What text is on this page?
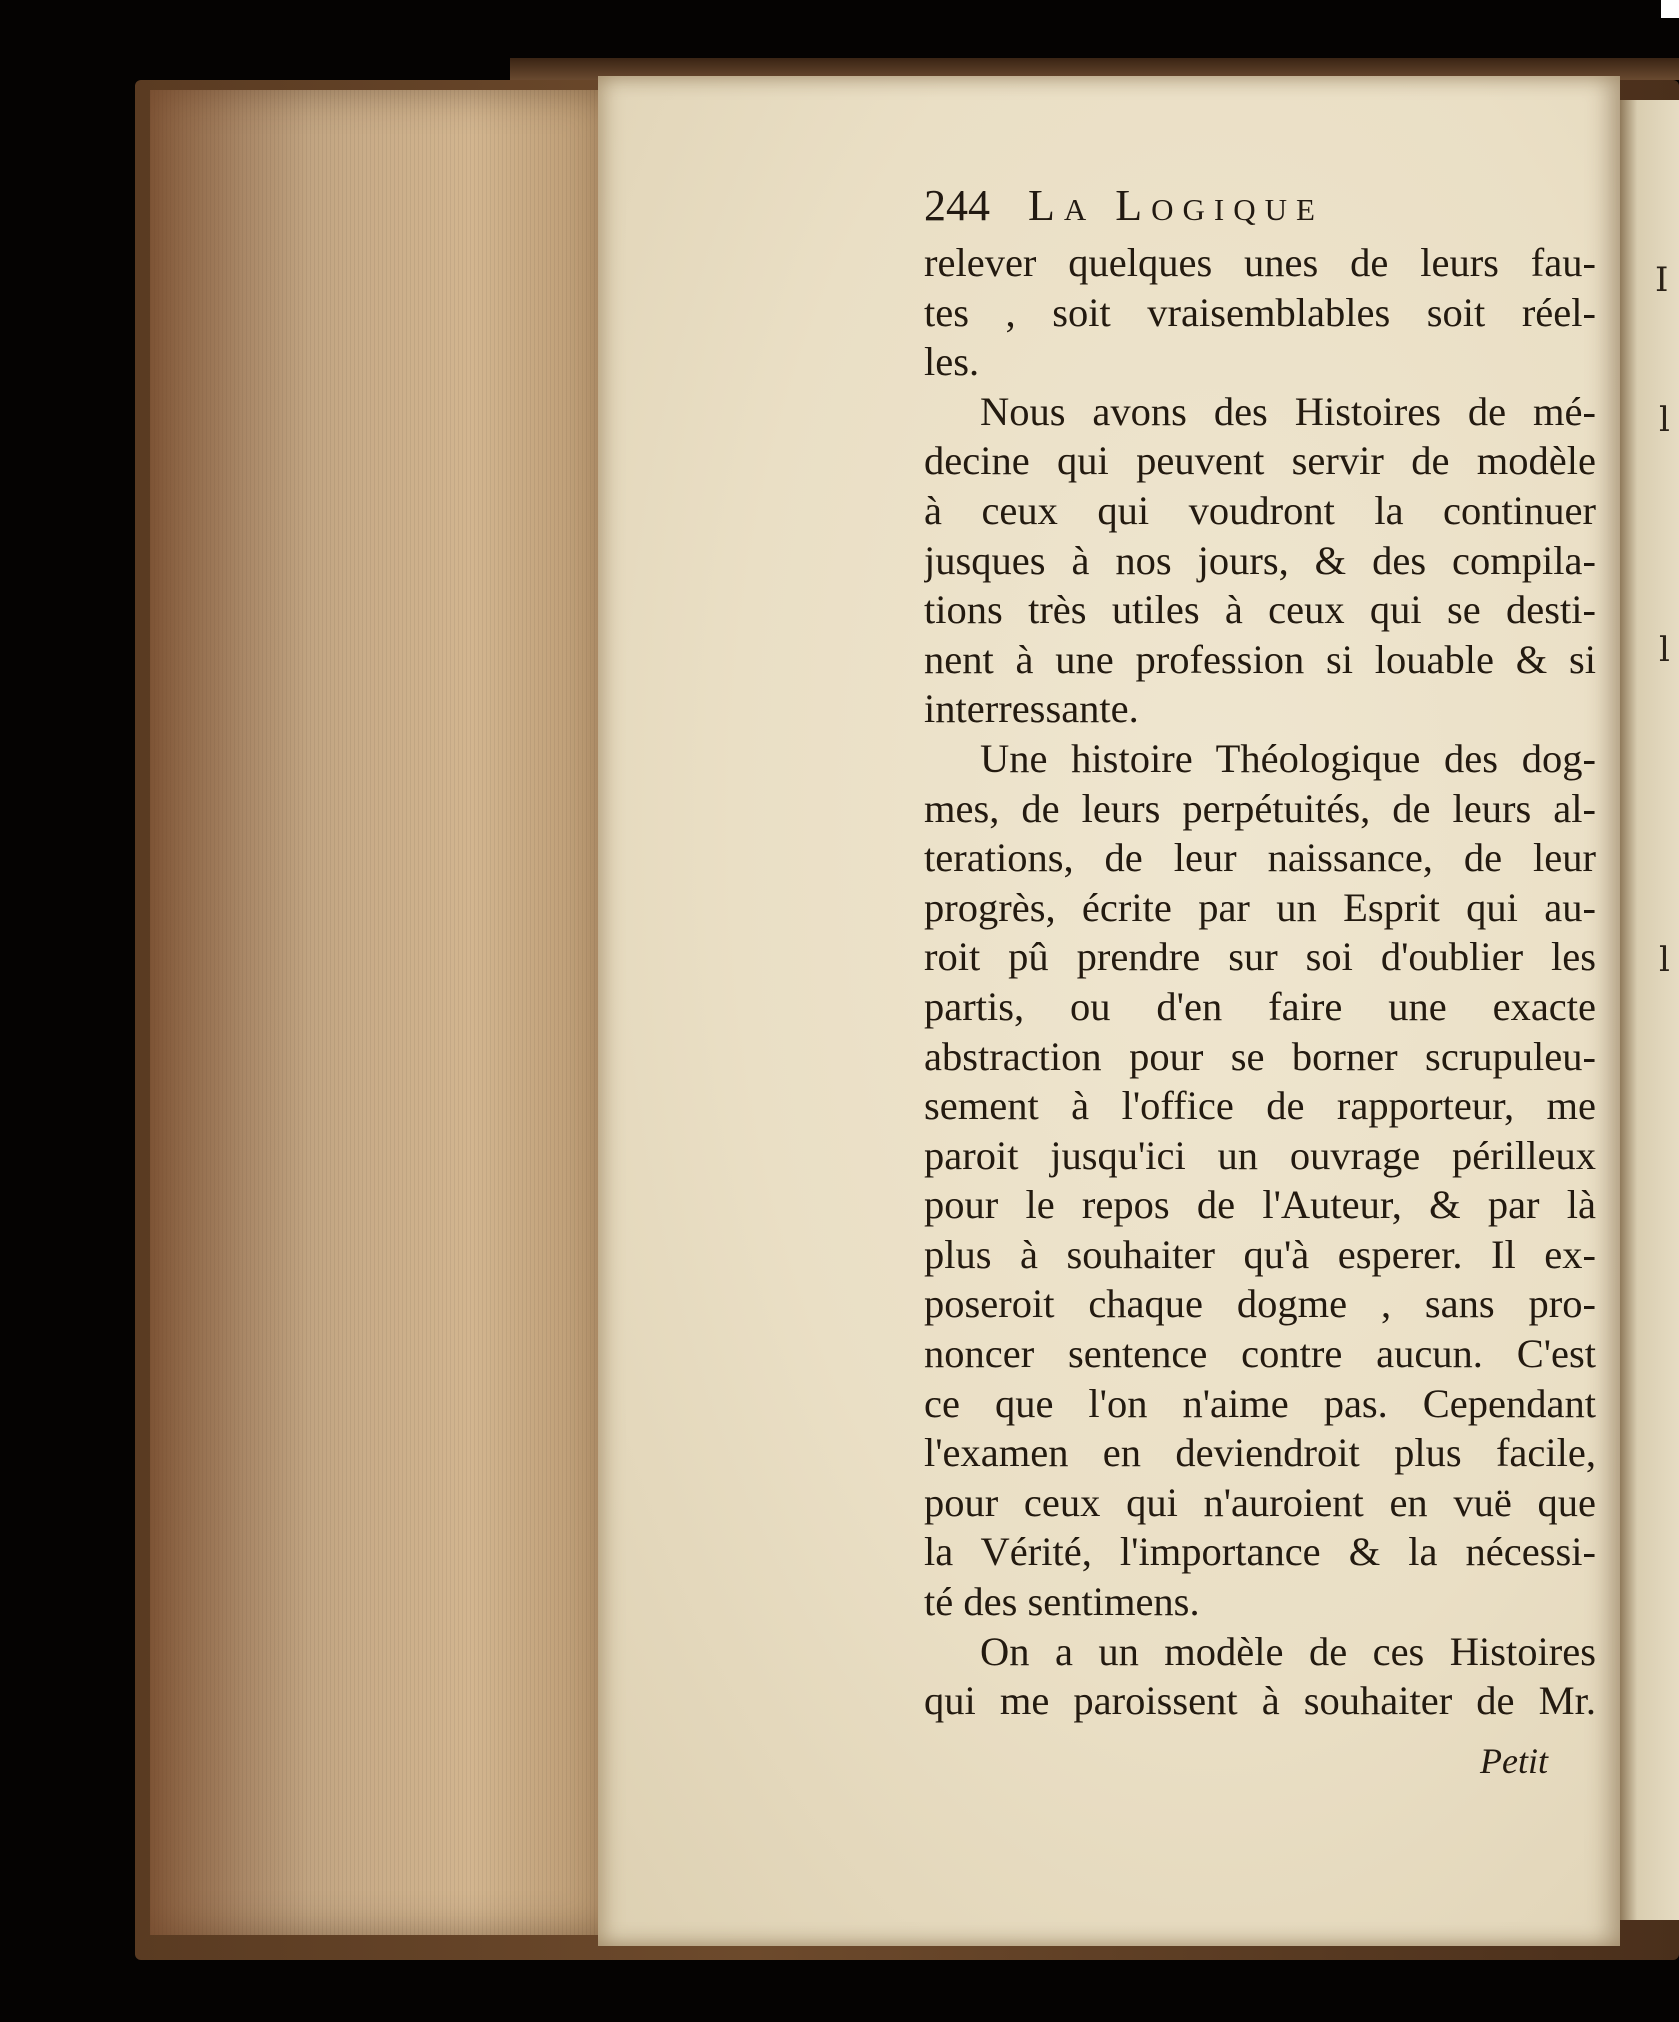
I
l
l
l
244 La Logique
relever quelques unes de leurs fau-
tes , soit vraisemblables soit réel-
les.
Nous avons des Histoires de mé-
decine qui peuvent servir de modèle
à ceux qui voudront la continuer
jusques à nos jours, & des compila-
tions très utiles à ceux qui se desti-
nent à une profession si louable & si
interressante.
Une histoire Théologique des dog-
mes, de leurs perpétuités, de leurs al-
terations, de leur naissance, de leur
progrès, écrite par un Esprit qui au-
roit pû prendre sur soi d'oublier les
partis, ou d'en faire une exacte
abstraction pour se borner scrupuleu-
sement à l'office de rapporteur, me
paroit jusqu'ici un ouvrage périlleux
pour le repos de l'Auteur, & par là
plus à souhaiter qu'à esperer. Il ex-
poseroit chaque dogme , sans pro-
noncer sentence contre aucun. C'est
ce que l'on n'aime pas. Cependant
l'examen en deviendroit plus facile,
pour ceux qui n'auroient en vuë que
la Vérité, l'importance & la nécessi-
té des sentimens.
On a un modèle de ces Histoires
qui me paroissent à souhaiter de Mr.
Petit
